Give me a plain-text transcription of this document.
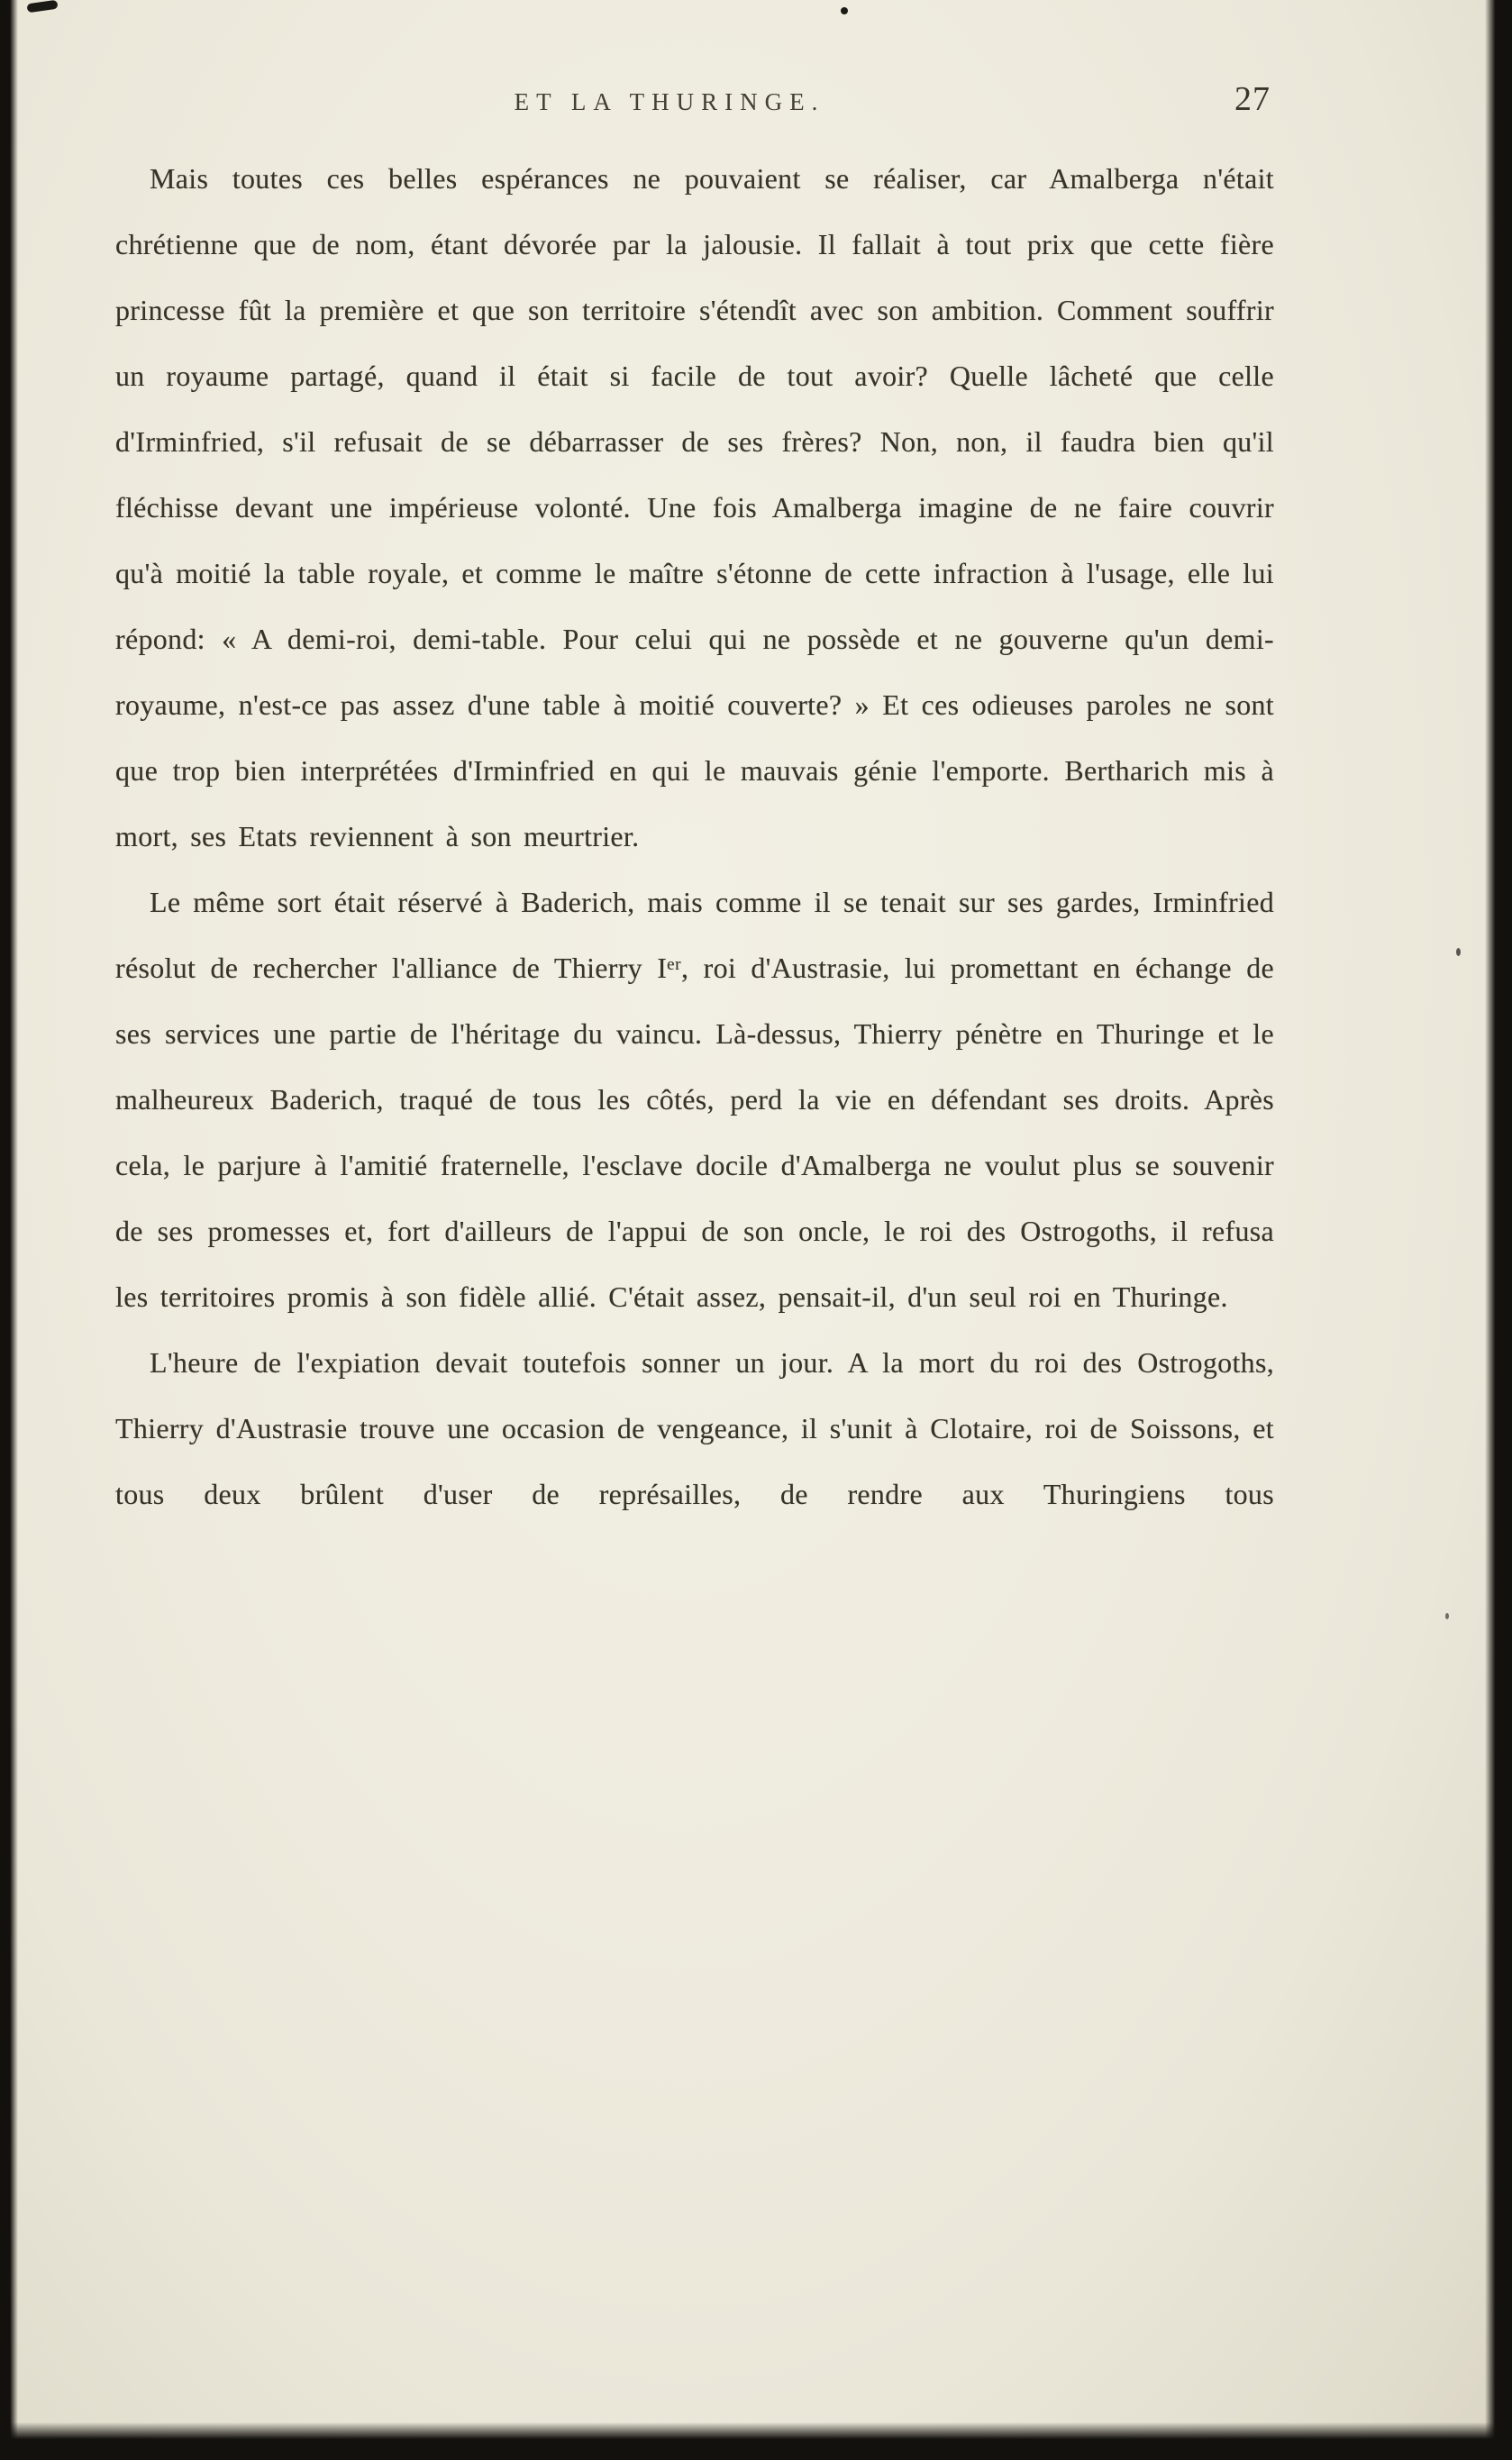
ET LA THURINGE.	27

Mais toutes ces belles espérances ne pouvaient se réaliser, car Amalberga n'était chrétienne que de nom, étant dévorée par la jalousie. Il fallait à tout prix que cette fière princesse fût la première et que son territoire s'étendît avec son ambition. Comment souffrir un royaume partagé, quand il était si facile de tout avoir? Quelle lâcheté que celle d'Irminfried, s'il refusait de se débarrasser de ses frères? Non, non, il faudra bien qu'il fléchisse devant une impérieuse volonté. Une fois Amalberga imagine de ne faire couvrir qu'à moitié la table royale, et comme le maître s'étonne de cette infraction à l'usage, elle lui répond: « A demi-roi, demi-table. Pour celui qui ne possède et ne gouverne qu'un demi-royaume, n'est-ce pas assez d'une table à moitié couverte? » Et ces odieuses paroles ne sont que trop bien interprétées d'Irminfried en qui le mauvais génie l'emporte. Bertharich mis à mort, ses Etats reviennent à son meurtrier.

Le même sort était réservé à Baderich, mais comme il se tenait sur ses gardes, Irminfried résolut de rechercher l'alliance de Thierry Iᵉʳ, roi d'Austrasie, lui promettant en échange de ses services une partie de l'héritage du vaincu. Là-dessus, Thierry pénètre en Thuringe et le malheureux Baderich, traqué de tous les côtés, perd la vie en défendant ses droits. Après cela, le parjure à l'amitié fraternelle, l'esclave docile d'Amalberga ne voulut plus se souvenir de ses promesses et, fort d'ailleurs de l'appui de son oncle, le roi des Ostrogoths, il refusa les territoires promis à son fidèle allié. C'était assez, pensait-il, d'un seul roi en Thuringe.

L'heure de l'expiation devait toutefois sonner un jour. A la mort du roi des Ostrogoths, Thierry d'Austrasie trouve une occasion de vengeance, il s'unit à Clotaire, roi de Soissons, et tous deux brûlent d'user de représailles, de rendre aux Thuringiens tous
